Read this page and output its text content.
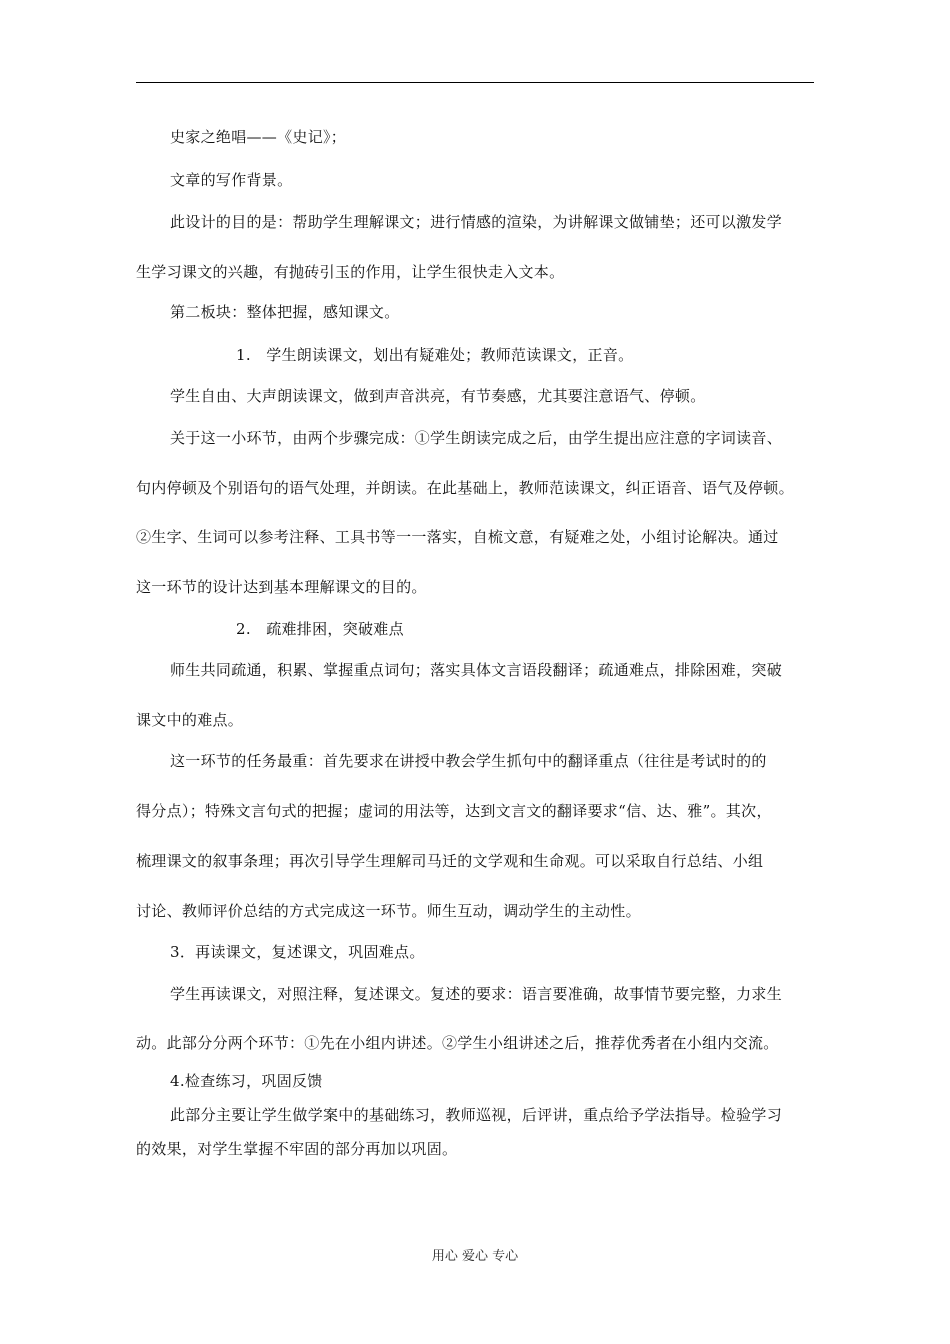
史家之绝唱——《史记》；
文章的写作背景。
此设计的目的是：帮助学生理解课文；进行情感的渲染，为讲解课文做铺垫；还可以激发学
生学习课文的兴趣，有抛砖引玉的作用，让学生很快走入文本。
第二板块：整体把握，感知课文。
1.　学生朗读课文，划出有疑难处；教师范读课文，正音。
学生自由、大声朗读课文，做到声音洪亮，有节奏感，尤其要注意语气、停顿。
关于这一小环节，由两个步骤完成：①学生朗读完成之后，由学生提出应注意的字词读音、
句内停顿及个别语句的语气处理，并朗读。在此基础上，教师范读课文，纠正语音、语气及停顿。
②生字、生词可以参考注释、工具书等一一落实，自梳文意，有疑难之处，小组讨论解决。通过
这一环节的设计达到基本理解课文的目的。
2.　疏难排困，突破难点
师生共同疏通，积累、掌握重点词句；落实具体文言语段翻译；疏通难点，排除困难，突破
课文中的难点。
这一环节的任务最重：首先要求在讲授中教会学生抓句中的翻译重点（往往是考试时的的
得分点）；特殊文言句式的把握；虚词的用法等，达到文言文的翻译要求“信、达、雅”。其次，
梳理课文的叙事条理；再次引导学生理解司马迁的文学观和生命观。可以采取自行总结、小组
讨论、教师评价总结的方式完成这一环节。师生互动，调动学生的主动性。
3．再读课文，复述课文，巩固难点。
学生再读课文，对照注释，复述课文。复述的要求：语言要准确，故事情节要完整，力求生
动。此部分分两个环节：①先在小组内讲述。②学生小组讲述之后，推荐优秀者在小组内交流。
4.检查练习，巩固反馈
此部分主要让学生做学案中的基础练习，教师巡视，后评讲，重点给予学法指导。检验学习
的效果，对学生掌握不牢固的部分再加以巩固。
用心 爱心 专心
